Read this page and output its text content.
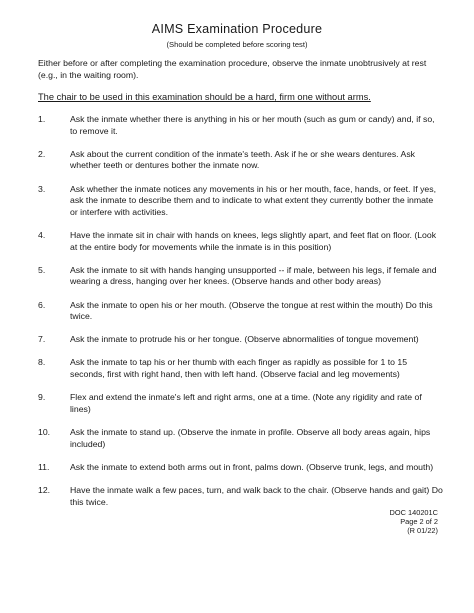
AIMS Examination Procedure
(Should be completed before scoring test)
Either before or after completing the examination procedure, observe the inmate unobtrusively at rest (e.g., in the waiting room).
The chair to be used in this examination should be a hard, firm one without arms.
1.	Ask the inmate whether there is anything in his or her mouth (such as gum or candy) and, if so, to remove it.
2.	Ask about the current condition of the inmate's teeth. Ask if he or she wears dentures. Ask whether teeth or dentures bother the inmate now.
3.	Ask whether the inmate notices any movements in his or her mouth, face, hands, or feet. If yes, ask the inmate to describe them and to indicate to what extent they currently bother the inmate or interfere with activities.
4.	Have the inmate sit in chair with hands on knees, legs slightly apart, and feet flat on floor. (Look at the entire body for movements while the inmate is in this position)
5.	Ask the inmate to sit with hands hanging unsupported -- if male, between his legs, if female and wearing a dress, hanging over her knees. (Observe hands and other body areas)
6.	Ask the inmate to open his or her mouth. (Observe the tongue at rest within the mouth) Do this twice.
7.	Ask the inmate to protrude his or her tongue. (Observe abnormalities of tongue movement)
8.	Ask the inmate to tap his or her thumb with each finger as rapidly as possible for 1 to 15 seconds, first with right hand, then with left hand. (Observe facial and leg movements)
9.	Flex and extend the inmate's left and right arms, one at a time. (Note any rigidity and rate of lines)
10.	Ask the inmate to stand up. (Observe the inmate in profile. Observe all body areas again, hips included)
11.	Ask the inmate to extend both arms out in front, palms down. (Observe trunk, legs, and mouth)
12.	Have the inmate walk a few paces, turn, and walk back to the chair. (Observe hands and gait) Do this twice.
DOC 140201C
Page 2 of 2
(R 01/22)
